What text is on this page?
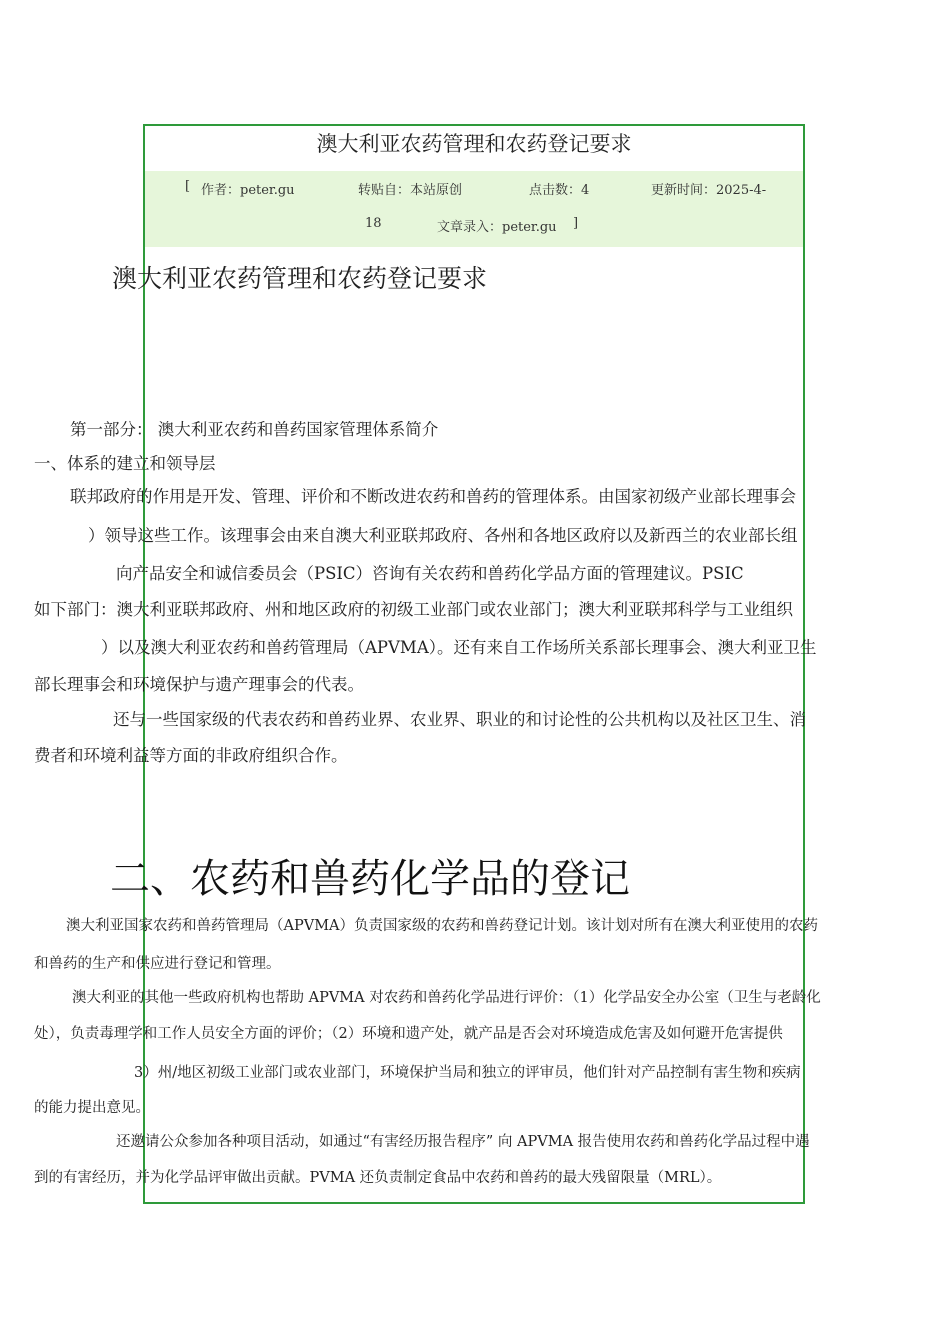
澳大利亚农药管理和农药登记要求
[ 作者：peter.gu	转贴自：本站原创	点击数：4	更新时间：2025-4-
18	文章录入：peter.gu ]
澳大利亚农药管理和农药登记要求
第一部分： 澳大利亚农药和兽药国家管理体系简介
一、体系的建立和领导层
联邦政府的作用是开发、管理、评价和不断改进农药和兽药的管理体系。由国家初级产业部长理事会
）领导这些工作。该理事会由来自澳大利亚联邦政府、各州和各地区政府以及新西兰的农业部长组
向产品安全和诚信委员会（PSIC）咨询有关农药和兽药化学品方面的管理建议。PSIC
如下部门：澳大利亚联邦政府、州和地区政府的初级工业部门或农业部门；澳大利亚联邦科学与工业组织
）以及澳大利亚农药和兽药管理局（APVMA）。还有来自工作场所关系部长理事会、澳大利亚卫生
部长理事会和环境保护与遗产理事会的代表。
还与一些国家级的代表农药和兽药业界、农业界、职业的和讨论性的公共机构以及社区卫生、消
费者和环境利益等方面的非政府组织合作。
二、农药和兽药化学品的登记
澳大利亚国家农药和兽药管理局（APVMA）负责国家级的农药和兽药登记计划。该计划对所有在澳大利亚使用的农药
和兽药的生产和供应进行登记和管理。
澳大利亚的其他一些政府机构也帮助 APVMA 对农药和兽药化学品进行评价：（1）化学品安全办公室（卫生与老龄化
处），负责毒理学和工作人员安全方面的评价；（2）环境和遗产处，就产品是否会对环境造成危害及如何避开危害提供
3）州/地区初级工业部门或农业部门，环境保护当局和独立的评审员，他们针对产品控制有害生物和疾病
的能力提出意见。
还邀请公众参加各种项目活动，如通过“有害经历报告程序” 向 APVMA 报告使用农药和兽药化学品过程中遇
到的有害经历，并为化学品评审做出贡献。PVMA 还负责制定食品中农药和兽药的最大残留限量（MRL）。
